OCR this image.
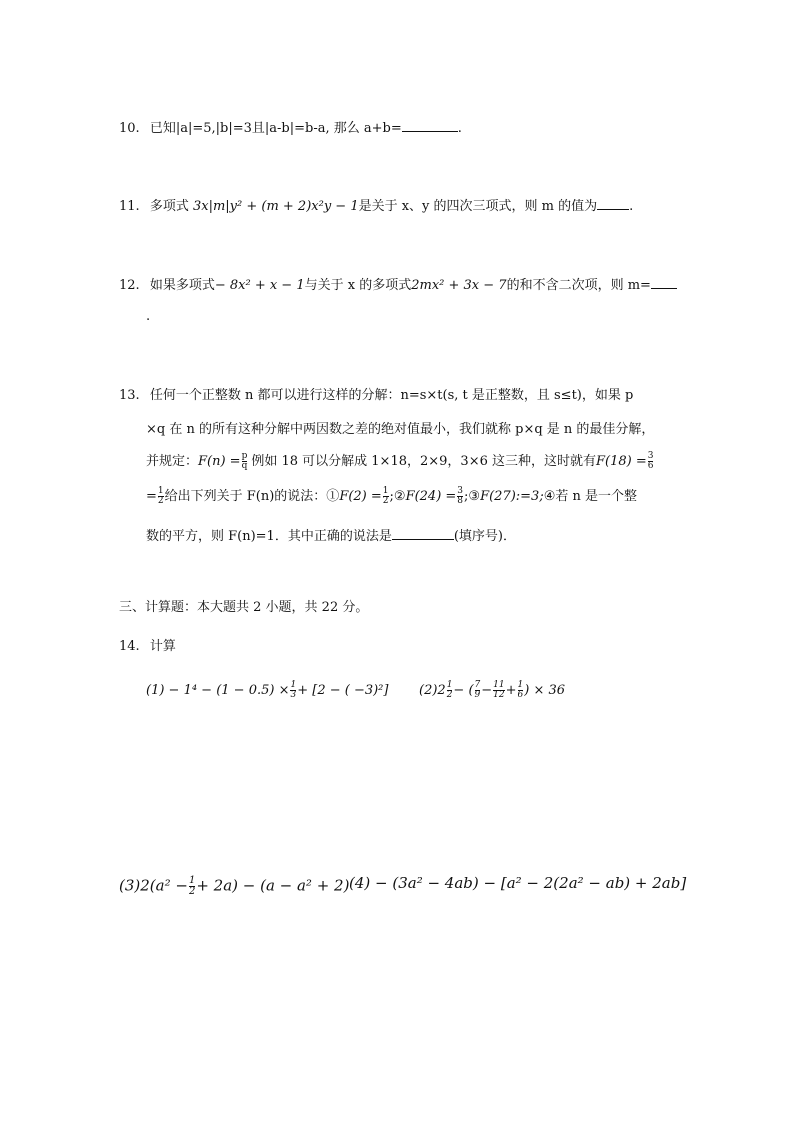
10. 已知|a|=5,|b|=3且|a-b|=b-a, 那么 a+b=	.
11. 多项式 3x|m|y² + (m + 2)x²y − 1是关于 x、y 的四次三项式，则 m 的值为 .
12. 如果多项式− 8x² + x − 1与关于 x 的多项式2mx² + 3x − 7的和不含二次项，则 m=
.
13. 任何一个正整数 n 都可以进行这样的分解：n=s×t(s, t 是正整数，且 s≤t)，如果 p
×q 在 n 的所有这种分解中两因数之差的绝对值最小，我们就称 p×q 是 n 的最佳分解，
并规定：$F(n) = \frac{p}{q}$ 例如 18 可以分解成 1×18，2×9，3×6 这三种，这时就有$F(18) = \frac{3}{6}$
= $\frac{1}{2}$ 给出下列关于 F(n)的说法：①F(2) = $\frac{1}{2}$ ;②F(24) = $\frac{3}{8}$ ;③F(27):=3;④若 n 是一个整
数的平方，则 F(n)=1．其中正确的说法是	(填序号)．
三、计算题：本大题共 2 小题，共 22 分。
14. 计算
$(1) - 1^4 - (1 - 0.5) \times \frac{1}{3} + [2$ − ( −3)²] $(2)2 \frac{1}{2}$ − ( $\frac{7}{9} - \frac{11}{12} + \frac{1}{6}$ ) × 36
$(3)2(a^2 - \frac{1}{2} + 2a) - (a - a^2 + 2)$ (4) − (3a² − 4ab) − [a² − 2(2a² − ab) + 2ab]
